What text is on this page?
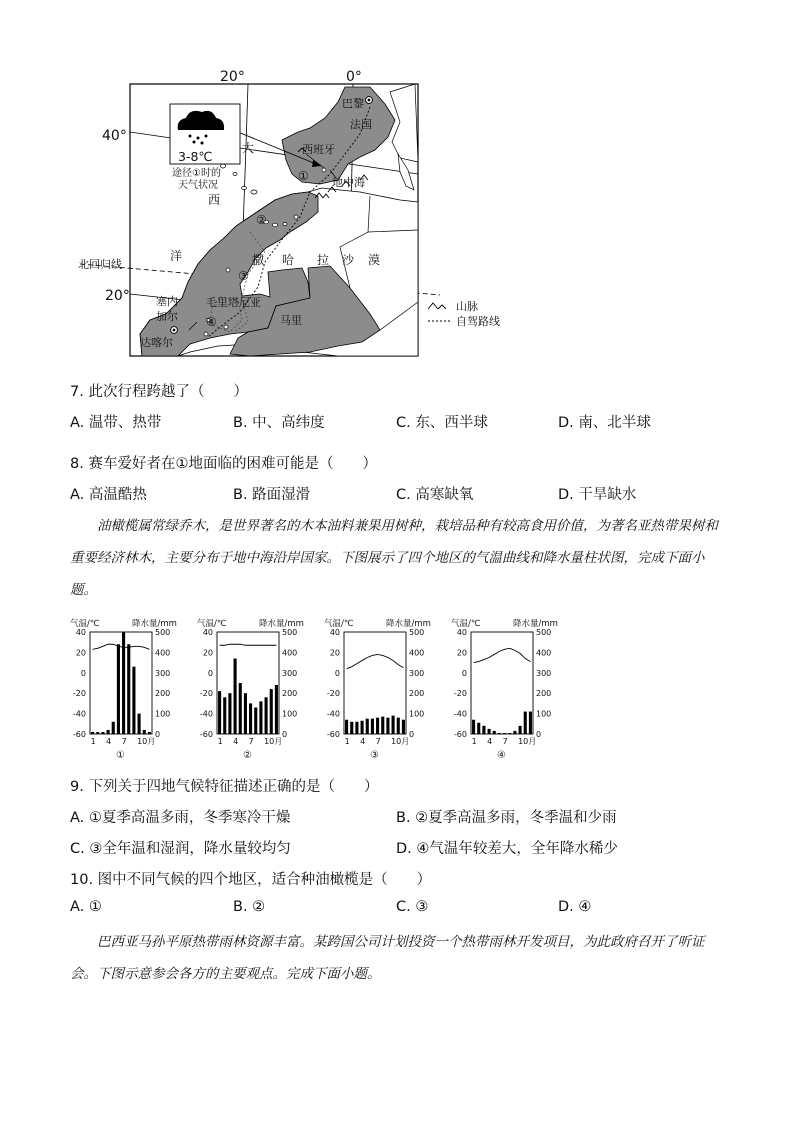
20°	0°
40°
20°
北回归线
3-8℃
途径①时的
天气状况
巴黎
法国
西班牙
地中海
大
西
洋	撒 哈 拉 沙 漠
毛里塔尼亚
马里
塞内
加尔
达喀尔
①
②
③
④
山脉
自驾路线
7. 此次行程跨越了（　　）
A. 温带、热带	B. 中、高纬度	C. 东、西半球	D. 南、北半球
8. 赛车爱好者在①地面临的困难可能是（　　）
A. 高温酷热	B. 路面湿滑	C. 高寒缺氧	D. 干旱缺水
油橄榄属常绿乔木，是世界著名的木本油料兼果用树种，栽培品种有较高食用价值，为著名亚热带果树和重要经济林木，主要分布于地中海沿岸国家。下图展示了四个地区的气温曲线和降水量柱状图，完成下面小题。
气温/℃	降水量/mm
40
20
0
-20
-40
-60
500
400
300
200
100
0
1 4 7 10月
①
气温/℃	降水量/mm
40
20
0
-20
-40
-60
500
400
300
200
100
0
1 4 7 10月
②
气温/℃	降水量/mm
40
20
0
-20
-40
-60
500
400
300
200
100
0
1 4 7 10月
③
气温/℃	降水量/mm
40
20
0
-20
-40
-60
500
400
300
200
100
0
1 4 7 10月
④
9. 下列关于四地气候特征描述正确的是（　　）
A. ①夏季高温多雨，冬季寒冷干燥	B. ②夏季高温多雨，冬季温和少雨
C. ③全年温和湿润，降水量较均匀	D. ④气温年较差大，全年降水稀少
10. 图中不同气候的四个地区，适合种油橄榄是（　　）
A. ①	B. ②	C. ③	D. ④
巴西亚马孙平原热带雨林资源丰富。某跨国公司计划投资一个热带雨林开发项目，为此政府召开了听证会。下图示意参会各方的主要观点。完成下面小题。
